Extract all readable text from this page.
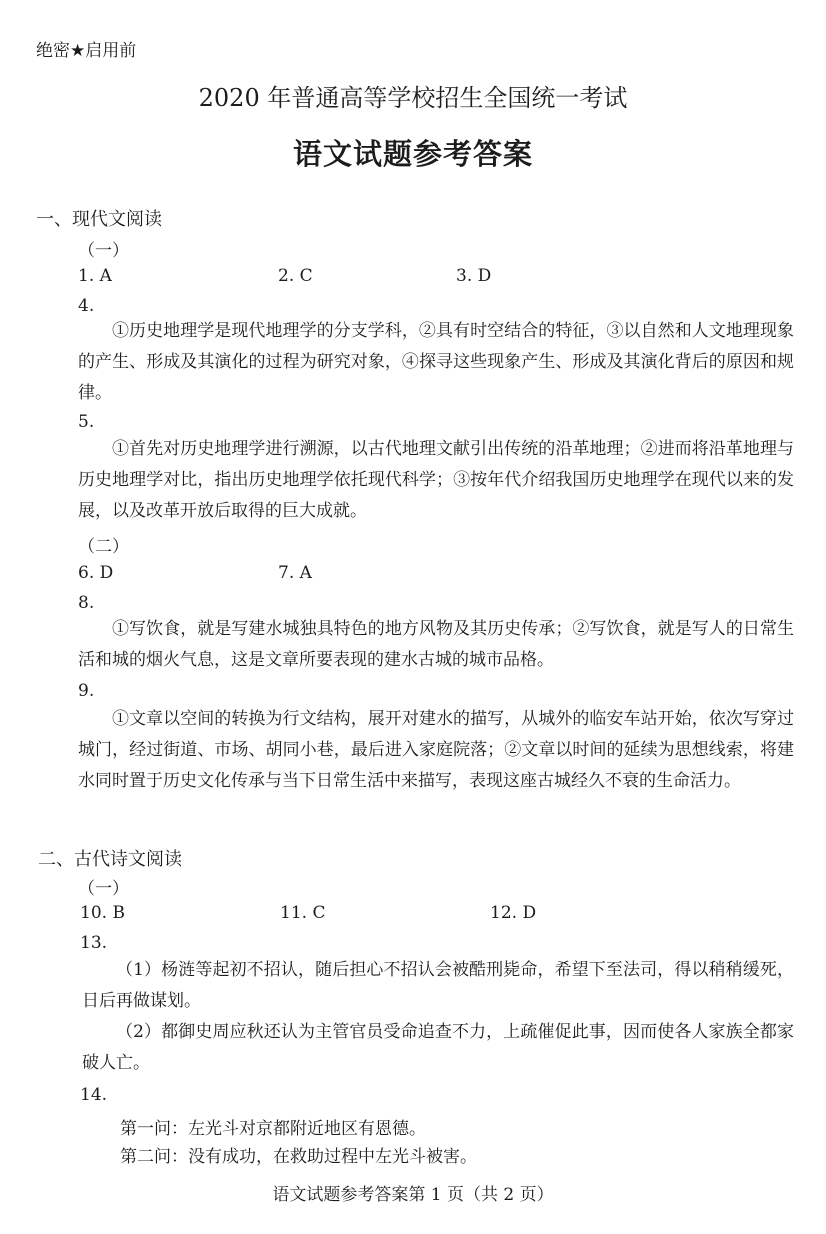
绝密★启用前
2020 年普通高等学校招生全国统一考试
语文试题参考答案
一、现代文阅读
（一）
1. A	2. C	3. D
4.
①历史地理学是现代地理学的分支学科，②具有时空结合的特征，③以自然和人文地理现象的产生、形成及其演化的过程为研究对象，④探寻这些现象产生、形成及其演化背后的原因和规律。
5.
①首先对历史地理学进行溯源，以古代地理文献引出传统的沿革地理；②进而将沿革地理与历史地理学对比，指出历史地理学依托现代科学；③按年代介绍我国历史地理学在现代以来的发展，以及改革开放后取得的巨大成就。
（二）
6. D	7. A
8.
①写饮食，就是写建水城独具特色的地方风物及其历史传承；②写饮食，就是写人的日常生活和城的烟火气息，这是文章所要表现的建水古城的城市品格。
9.
①文章以空间的转换为行文结构，展开对建水的描写，从城外的临安车站开始，依次写穿过城门，经过街道、市场、胡同小巷，最后进入家庭院落；②文章以时间的延续为思想线索，将建水同时置于历史文化传承与当下日常生活中来描写，表现这座古城经久不衰的生命活力。
二、古代诗文阅读
（一）
10. B	11. C	12. D
13.
（1）杨涟等起初不招认，随后担心不招认会被酷刑毙命，希望下至法司，得以稍稍缓死，日后再做谋划。
（2）都御史周应秋还认为主管官员受命追查不力，上疏催促此事，因而使各人家族全都家破人亡。
14.
第一问：左光斗对京都附近地区有恩德。
第二问：没有成功，在救助过程中左光斗被害。
语文试题参考答案第 1 页（共 2 页）
